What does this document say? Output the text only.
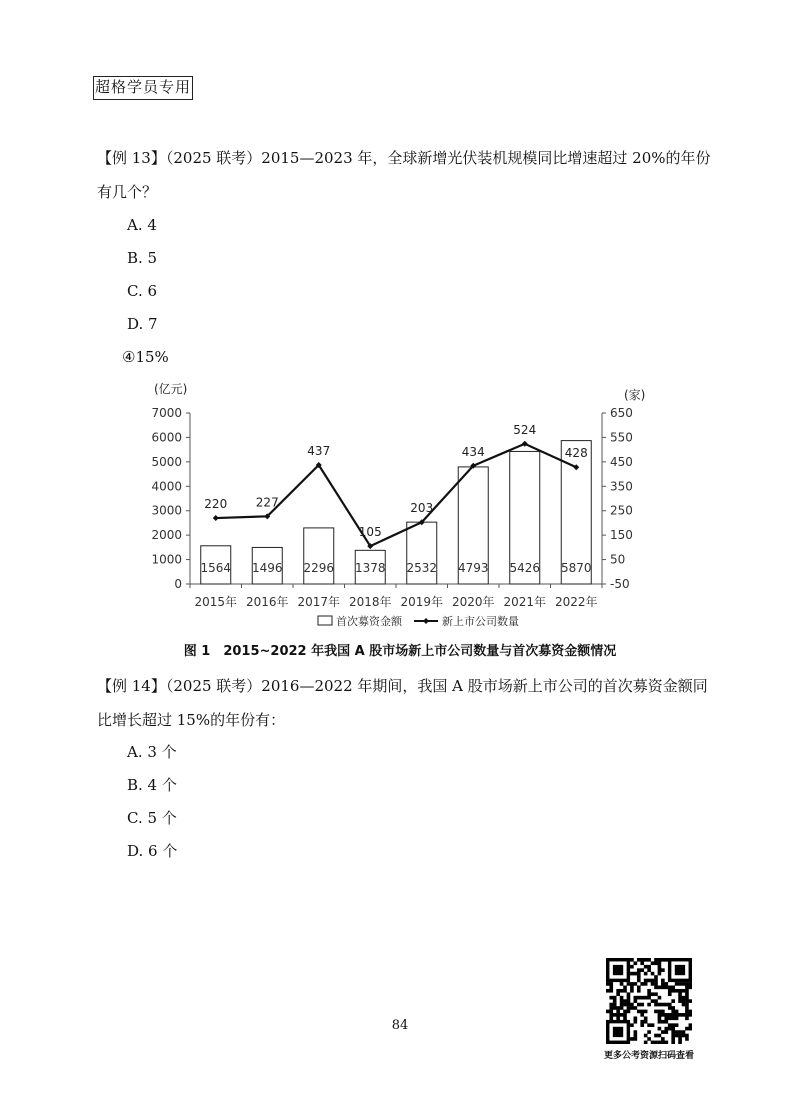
超格学员专用
【例 13】（2025 联考）2015—2023 年，全球新增光伏装机规模同比增速超过 20%的年份
有几个？
A. 4
B. 5
C. 6
D. 7
④15%
(亿元)
0
1000
2000
3000
4000
5000
6000
7000
(家)
-50
50
150
250
350
450
550
650
1564 1496 2296 1378 2532 4793 5426 5870
220 227
437
105
203
434
524
428
2015年 2016年 2017年 2018年 2019年 2020年 2021年 2022年
首次募资金额	新上市公司数量
图 1　2015~2022 年我国 A 股市场新上市公司数量与首次募资金额情况
【例 14】（2025 联考）2016—2022 年期间，我国 A 股市场新上市公司的首次募资金额同
比增长超过 15%的年份有：
A. 3 个
B. 4 个
C. 5 个
D. 6 个
84
更多公考资源扫码查看
